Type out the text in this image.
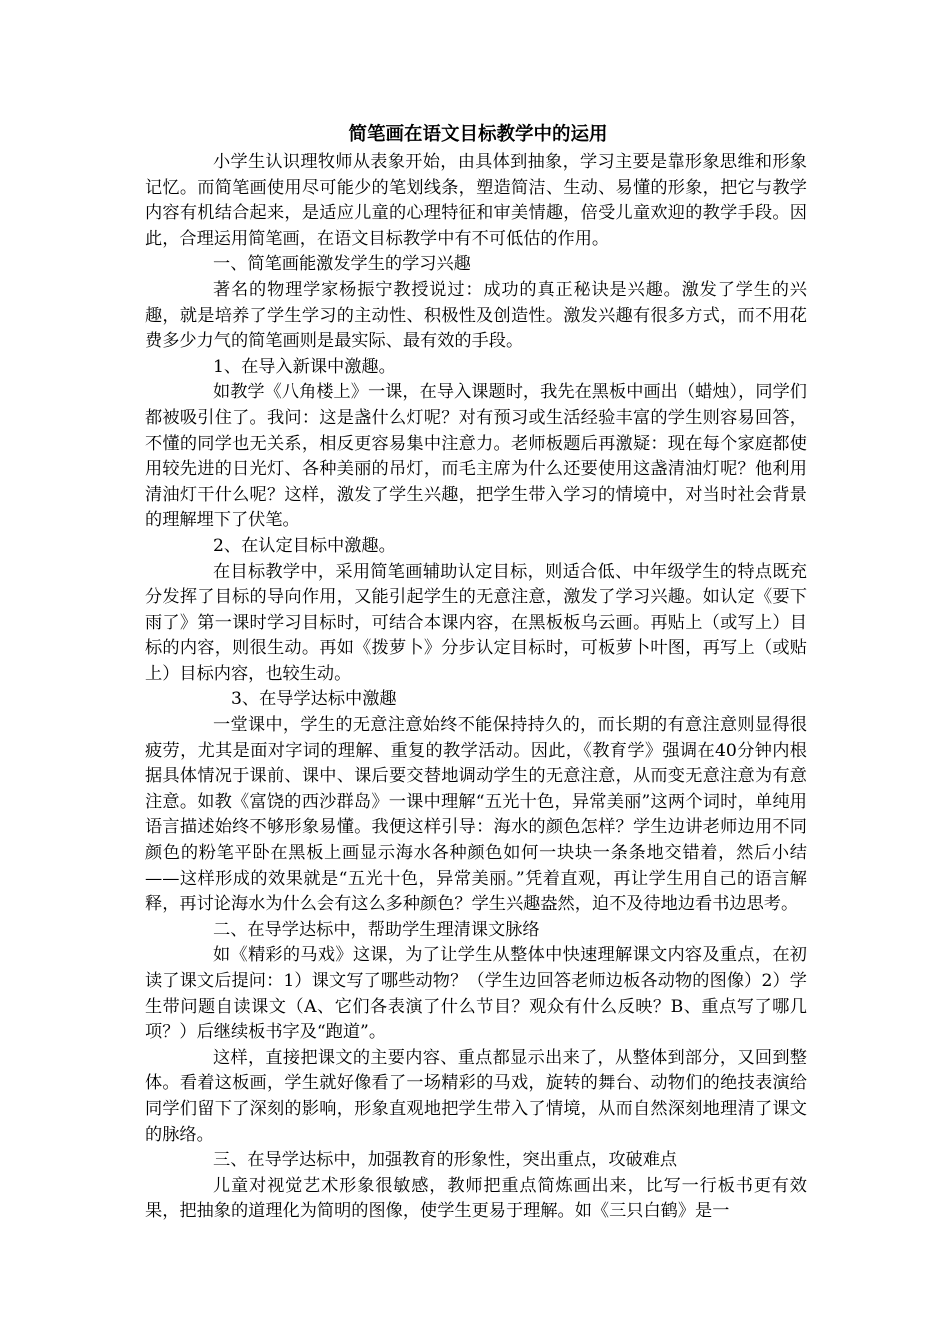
简笔画在语文目标教学中的运用

小学生认识理牧师从表象开始，由具体到抽象，学习主要是靠形象思维和形象记忆。而简笔画使用尽可能少的笔划线条，塑造简洁、生动、易懂的形象，把它与教学内容有机结合起来，是适应儿童的心理特征和审美情趣，倍受儿童欢迎的教学手段。因此，合理运用简笔画，在语文目标教学中有不可低估的作用。

一、简笔画能激发学生的学习兴趣

著名的物理学家杨振宁教授说过：成功的真正秘诀是兴趣。激发了学生的兴趣，就是培养了学生学习的主动性、积极性及创造性。激发兴趣有很多方式，而不用花费多少力气的简笔画则是最实际、最有效的手段。

1、在导入新课中激趣。

如教学《八角楼上》一课，在导入课题时，我先在黑板中画出（蜡烛），同学们都被吸引住了。我问：这是盏什么灯呢？对有预习或生活经验丰富的学生则容易回答，不懂的同学也无关系，相反更容易集中注意力。老师板题后再激疑：现在每个家庭都使用较先进的日光灯、各种美丽的吊灯，而毛主席为什么还要使用这盏清油灯呢？他利用清油灯干什么呢？这样，激发了学生兴趣，把学生带入学习的情境中，对当时社会背景的理解埋下了伏笔。

2、在认定目标中激趣。

在目标教学中，采用简笔画辅助认定目标，则适合低、中年级学生的特点既充分发挥了目标的导向作用，又能引起学生的无意注意，激发了学习兴趣。如认定《要下雨了》第一课时学习目标时，可结合本课内容，在黑板板乌云画。再贴上（或写上）目标的内容，则很生动。再如《拨萝卜》分步认定目标时，可板萝卜叶图，再写上（或贴上）目标内容，也较生动。

3、在导学达标中激趣

一堂课中，学生的无意注意始终不能保持持久的，而长期的有意注意则显得很疲劳，尤其是面对字词的理解、重复的教学活动。因此，《教育学》强调在40分钟内根据具体情况于课前、课中、课后要交替地调动学生的无意注意，从而变无意注意为有意注意。如教《富饶的西沙群岛》一课中理解“五光十色，异常美丽”这两个词时，单纯用语言描述始终不够形象易懂。我便这样引导：海水的颜色怎样？学生边讲老师边用不同颜色的粉笔平卧在黑板上画显示海水各种颜色如何一块块一条条地交错着，然后小结——这样形成的效果就是“五光十色，异常美丽。”凭着直观，再让学生用自己的语言解释，再讨论海水为什么会有这么多种颜色？学生兴趣盎然，迫不及待地边看书边思考。

二、在导学达标中，帮助学生理清课文脉络

如《精彩的马戏》这课，为了让学生从整体中快速理解课文内容及重点，在初读了课文后提问：1）课文写了哪些动物？（学生边回答老师边板各动物的图像）2）学生带问题自读课文（A、它们各表演了什么节目？观众有什么反映？B、重点写了哪几项？）后继续板书字及“跑道”。

这样，直接把课文的主要内容、重点都显示出来了，从整体到部分，又回到整体。看着这板画，学生就好像看了一场精彩的马戏，旋转的舞台、动物们的绝技表演给同学们留下了深刻的影响，形象直观地把学生带入了情境，从而自然深刻地理清了课文的脉络。

三、在导学达标中，加强教育的形象性，突出重点，攻破难点

儿童对视觉艺术形象很敏感，教师把重点简炼画出来，比写一行板书更有效果，把抽象的道理化为简明的图像，使学生更易于理解。如《三只白鹤》是一
